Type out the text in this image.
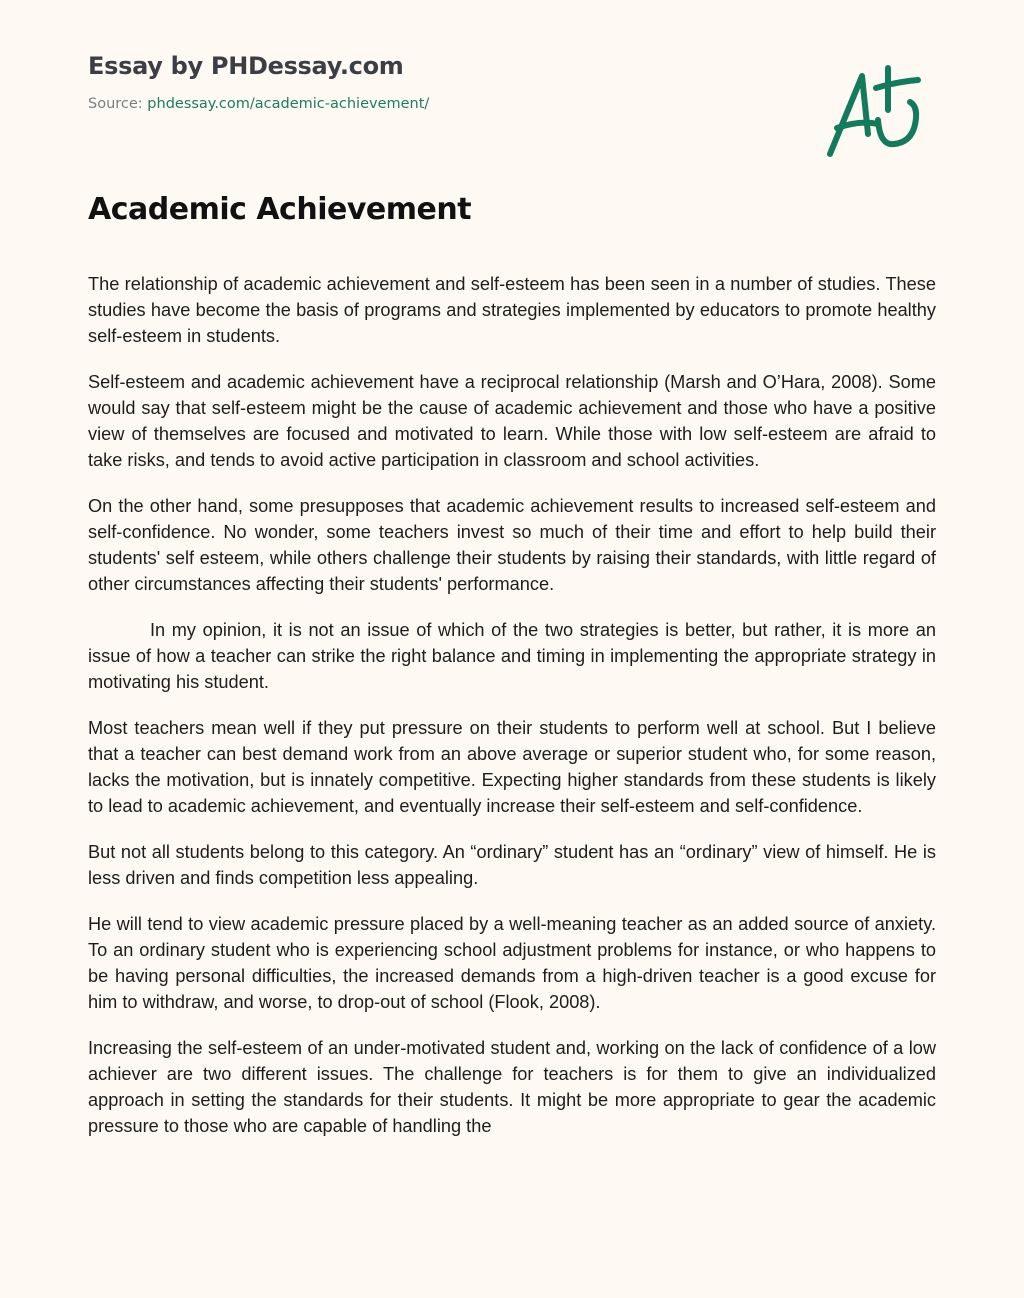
Essay by PHDessay.com
Source: phdessay.com/academic-achievement/
Academic Achievement

The relationship of academic achievement and self-esteem has been seen in a number of studies. These studies have become the basis of programs and strategies implemented by educators to promote healthy self-esteem in students.

Self-esteem and academic achievement have a reciprocal relationship (Marsh and O’Hara, 2008). Some would say that self-esteem might be the cause of academic achievement and those who have a positive view of themselves are focused and motivated to learn. While those with low self-esteem are afraid to take risks, and tends to avoid active participation in classroom and school activities.

On the other hand, some presupposes that academic achievement results to increased self-esteem and self-confidence. No wonder, some teachers invest so much of their time and effort to help build their students' self esteem, while others challenge their students by raising their standards, with little regard of other circumstances affecting their students' performance.

In my opinion, it is not an issue of which of the two strategies is better, but rather, it is more an issue of how a teacher can strike the right balance and timing in implementing the appropriate strategy in motivating his student.

Most teachers mean well if they put pressure on their students to perform well at school. But I believe that a teacher can best demand work from an above average or superior student who, for some reason, lacks the motivation, but is innately competitive. Expecting higher standards from these students is likely to lead to academic achievement, and eventually increase their self-esteem and self-confidence.

But not all students belong to this category. An “ordinary” student has an “ordinary” view of himself. He is less driven and finds competition less appealing.

He will tend to view academic pressure placed by a well-meaning teacher as an added source of anxiety. To an ordinary student who is experiencing school adjustment problems for instance, or who happens to be having personal difficulties, the increased demands from a high-driven teacher is a good excuse for him to withdraw, and worse, to drop-out of school (Flook, 2008).

Increasing the self-esteem of an under-motivated student and, working on the lack of confidence of a low achiever are two different issues. The challenge for teachers is for them to give an individualized approach in setting the standards for their students. It might be more appropriate to gear the academic pressure to those who are capable of handling the
